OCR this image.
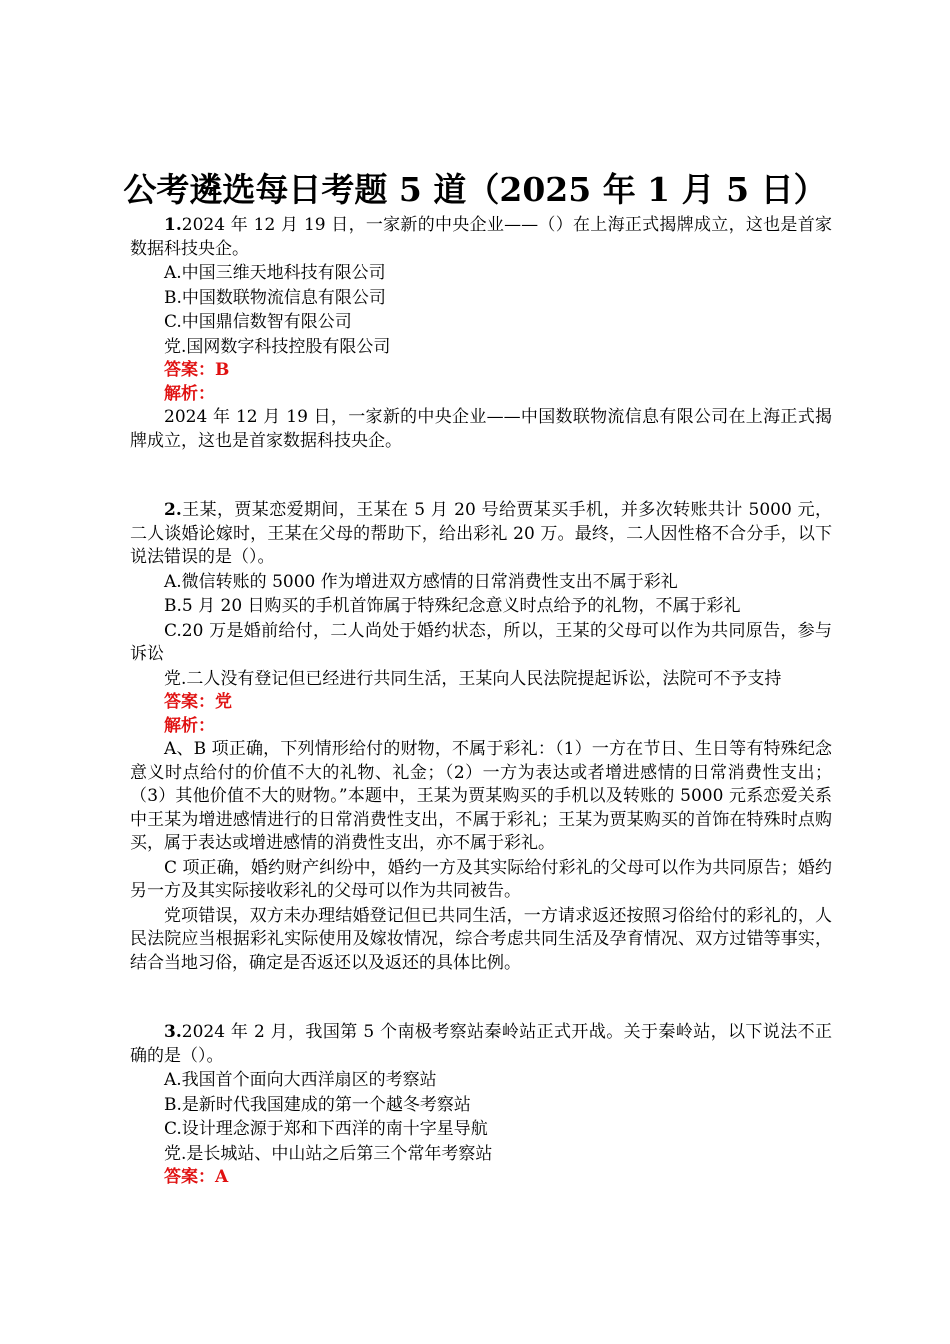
公考遴选每日考题 5 道（2025 年 1 月 5 日）

1.2024 年 12 月 19 日，一家新的中央企业——（）在上海正式揭牌成立，这也是首家数据科技央企。

A.中国三维天地科技有限公司

B.中国数联物流信息有限公司

C.中国鼎信数智有限公司

党.国网数字科技控股有限公司

答案：B

解析：

2024 年 12 月 19 日，一家新的中央企业——中国数联物流信息有限公司在上海正式揭牌成立，这也是首家数据科技央企。

2.王某，贾某恋爱期间，王某在 5 月 20 号给贾某买手机，并多次转账共计 5000 元，二人谈婚论嫁时，王某在父母的帮助下，给出彩礼 20 万。最终，二人因性格不合分手，以下说法错误的是（）。

A.微信转账的 5000 作为增进双方感情的日常消费性支出不属于彩礼

B.5 月 20 日购买的手机首饰属于特殊纪念意义时点给予的礼物，不属于彩礼

C.20 万是婚前给付，二人尚处于婚约状态，所以，王某的父母可以作为共同原告，参与诉讼

党.二人没有登记但已经进行共同生活，王某向人民法院提起诉讼，法院可不予支持

答案：党

解析：

A、B 项正确，下列情形给付的财物，不属于彩礼：（1）一方在节日、生日等有特殊纪念意义时点给付的价值不大的礼物、礼金；（2）一方为表达或者增进感情的日常消费性支出；（3）其他价值不大的财物。”本题中，王某为贾某购买的手机以及转账的 5000 元系恋爱关系中王某为增进感情进行的日常消费性支出，不属于彩礼；王某为贾某购买的首饰在特殊时点购买，属于表达或增进感情的消费性支出，亦不属于彩礼。

C 项正确，婚约财产纠纷中，婚约一方及其实际给付彩礼的父母可以作为共同原告；婚约另一方及其实际接收彩礼的父母可以作为共同被告。

党项错误，双方未办理结婚登记但已共同生活，一方请求返还按照习俗给付的彩礼的，人民法院应当根据彩礼实际使用及嫁妆情况，综合考虑共同生活及孕育情况、双方过错等事实，结合当地习俗，确定是否返还以及返还的具体比例。

3.2024 年 2 月，我国第 5 个南极考察站秦岭站正式开战。关于秦岭站，以下说法不正确的是（）。

A.我国首个面向大西洋扇区的考察站

B.是新时代我国建成的第一个越冬考察站

C.设计理念源于郑和下西洋的南十字星导航

党.是长城站、中山站之后第三个常年考察站

答案：A
